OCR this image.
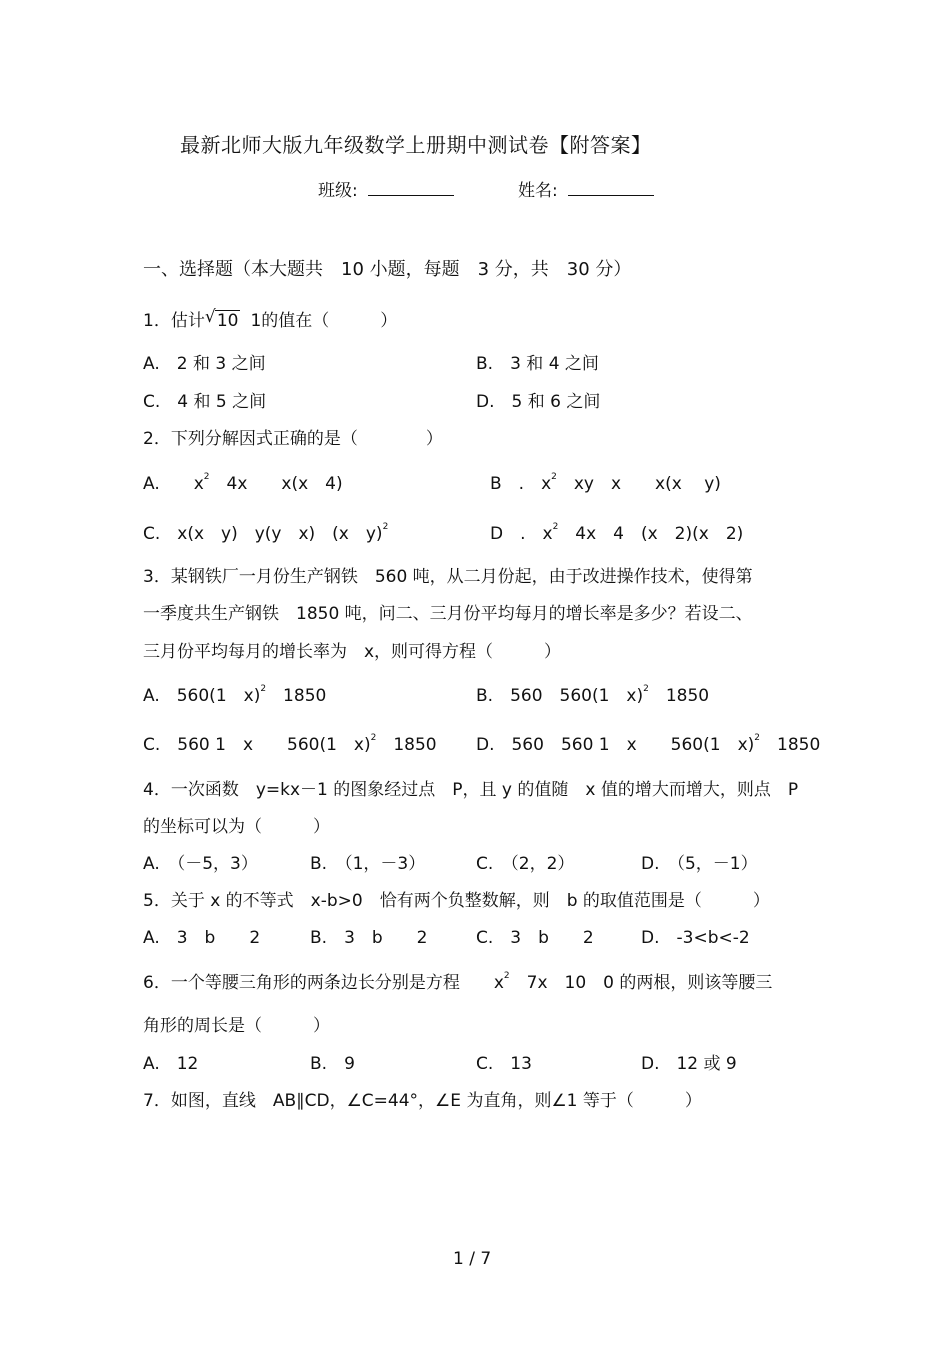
最新北师大版九年级数学上册期中测试卷【附答案】
班级:	姓名:
一、选择题（本大题共　10 小题，每题　3 分，共　30 分）
1．估计 √ 10 1的值在（　　　）
A.　2 和 3 之间	B.　3 和 4 之间
C.　4 和 5 之间	D.　5 和 6 之间
2．下列分解因式正确的是（　　　　）
A.　　$x^2$　4x　　x(x　4)	B　.　$x^2$　xy　x　　x(x　 y)
C.　x(x　y)　y(y　x)　(x　y)$^2$	D　.　$x^2$　4x　4　(x　2)(x　2)
3．某钢铁厂一月份生产钢铁　560 吨，从二月份起，由于改进操作技术，使得第
一季度共生产钢铁　1850 吨，问二、三月份平均每月的增长率是多少？若设二、
三月份平均每月的增长率为　x，则可得方程（　　　）
A.　560(1　x)$^2$　1850	B.　560　560(1　x)$^2$　1850
C.　560 1　x　　560(1　x)$^2$　1850 D.　560　560 1　x　　560(1　x)$^2$　1850
4．一次函数　y=kx－1 的图象经过点　P，且 y 的值随　x 值的增大而增大，则点　P
的坐标可以为（　　　）
A.　（－5，3）	B.　（1，－3）	C.　（2，2）	D.　（5，－1）
5．关于 x 的不等式　x-b>0　恰有两个负整数解，则　b 的取值范围是（　　　）
A.　3　b　　2	B.　3　b　　2	C.　3　b　　2	D.　-3<b<-2
6．一个等腰三角形的两条边长分别是方程　　$x^2$　7x　10　0 的两根，则该等腰三
角形的周长是（　　　）
A.　12	B.　9	C.　13	D.　12 或 9
7．如图，直线　AB∥CD，∠C=44°，∠E 为直角，则∠1 等于（　　　）
1 / 7
